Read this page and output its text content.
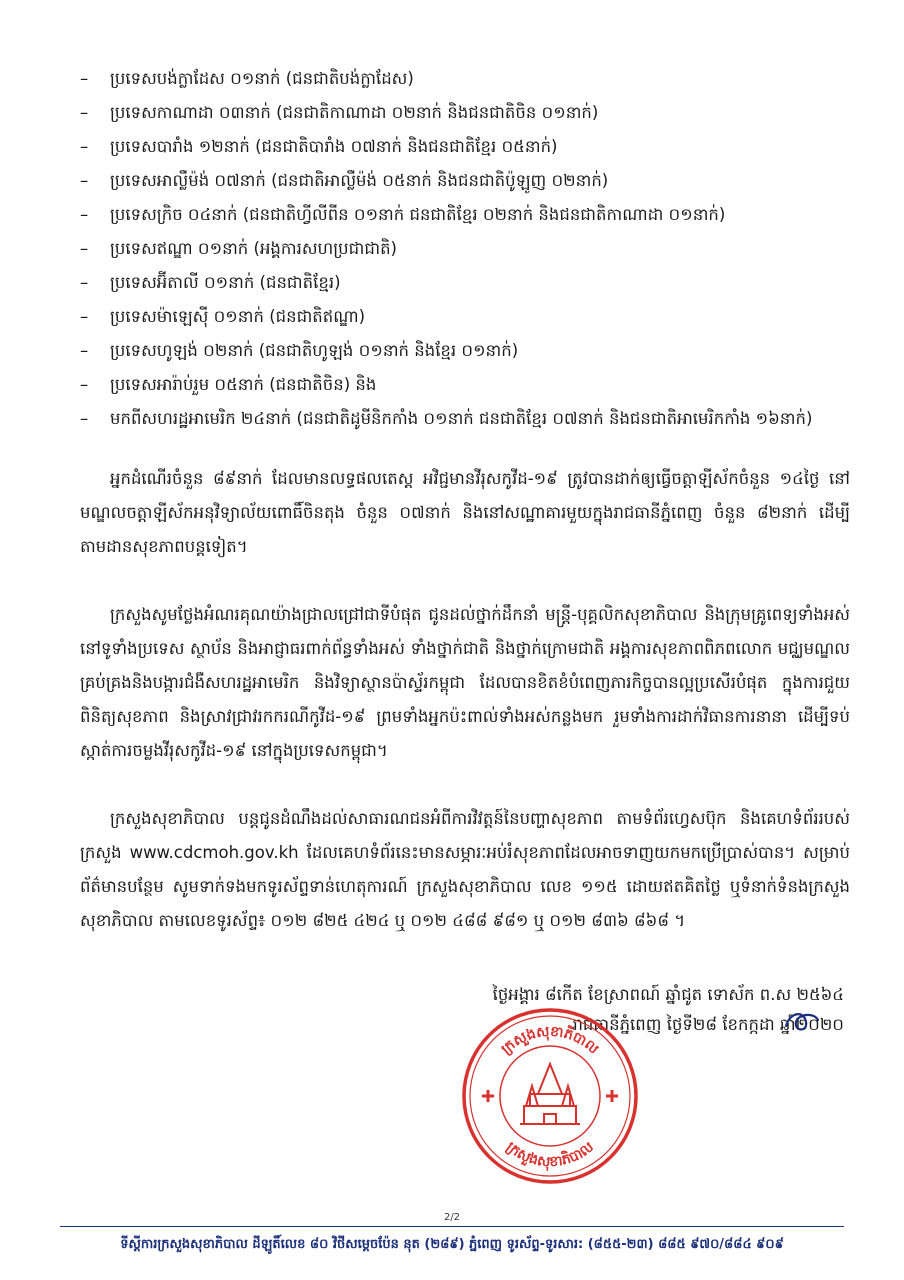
–	ប្រទេសបង់ក្លាដែស ០១នាក់ (ជនជាតិបង់ក្លាដែស)
–	ប្រទេសកាណាដា ០៣នាក់ (ជនជាតិកាណាដា ០២នាក់ និងជនជាតិចិន ០១នាក់)
–	ប្រទេសបារាំង ១២នាក់ (ជនជាតិបារាំង ០៧នាក់ និងជនជាតិខ្មែរ ០៥នាក់)
–	ប្រទេសអាល្លឺម៉ង់ ០៧នាក់ (ជនជាតិអាល្លឺម៉ង់ ០៥នាក់ និងជនជាតិប៉ូឡូញ ០២នាក់)
–	ប្រទេសក្រិច ០៤នាក់ (ជនជាតិហ្វីលីពីន ០១នាក់ ជនជាតិខ្មែរ ០២នាក់ និងជនជាតិកាណាដា ០១នាក់)
–	ប្រទេសឥណ្ឌា ០១នាក់ (អង្គការសហប្រជាជាតិ)
–	ប្រទេសអ៊ីតាលី ០១នាក់ (ជនជាតិខ្មែរ)
–	ប្រទេសម៉ាឡេស៊ី ០១នាក់ (ជនជាតិឥណ្ឌា)
–	ប្រទេសហូឡង់ ០២នាក់ (ជនជាតិហូឡង់ ០១នាក់ និងខ្មែរ ០១នាក់)
–	ប្រទេសអារ៉ាប់រួម ០៥នាក់ (ជនជាតិចិន) និង
–	មកពីសហរដ្ឋអាមេរិក ២៤នាក់ (ជនជាតិដូមីនិកកាំង ០១នាក់ ជនជាតិខ្មែរ ០៧នាក់ និងជនជាតិអាមេរិកកាំង ១៦នាក់)

អ្នកដំណើរចំនួន ៨៩នាក់ ដែលមានលទ្ធផលតេស្ត អវិជ្ជមានវីរុសកូវីដ-១៩ ត្រូវបានដាក់ឲ្យធ្វើចត្តាឡីស័កចំនួន ១៤ថ្ងៃ នៅមណ្ឌលចត្តាឡីស័កអនុវិទ្យាល័យពោធិ៍ចិនតុង ចំនួន ០៧នាក់ និងនៅសណ្ឋាគារមួយក្នុងរាជធានីភ្នំពេញ ចំនួន ៨២នាក់ ដើម្បីតាមដានសុខភាពបន្តទៀត។

ក្រសួងសូមថ្លែងអំណរគុណយ៉ាងជ្រាលជ្រៅជាទីបំផុត ជូនដល់ថ្នាក់ដឹកនាំ មន្ត្រី-បុគ្គលិកសុខាភិបាល និងក្រុមគ្រូពេទ្យទាំងអស់នៅទូទាំងប្រទេស ស្ថាប័ន និងអាជ្ញាធរពាក់ព័ន្ធទាំងអស់ ទាំងថ្នាក់ជាតិ និងថ្នាក់ក្រោមជាតិ អង្គការសុខភាពពិភពលោក មជ្ឈមណ្ឌលគ្រប់គ្រងនិងបង្ការជំងឺសហរដ្ឋអាមេរិក និងវិទ្យាស្ថានប៉ាស្ទ័រកម្ពុជា ដែលបានខិតខំបំពេញភារកិច្ចបានល្អប្រសើរបំផុត ក្នុងការជួយពិនិត្យសុខភាព និងស្រាវជ្រាវរកករណីកូវីដ-១៩ ព្រមទាំងអ្នកប៉ះពាល់ទាំងអស់កន្លងមក រួមទាំងការដាក់វិធានការនានា ដើម្បីទប់ស្កាត់ការចម្លងវីរុសកូវីដ-១៩ នៅក្នុងប្រទេសកម្ពុជា។

ក្រសួងសុខាភិបាល បន្តជូនដំណឹងដល់សាធារណជនអំពីការវិវត្តន៍នៃបញ្ហាសុខភាព តាមទំព័រហ្វេសប៊ុក និងគេហទំព័ររបស់ក្រសួង www.cdcmoh.gov.kh ដែលគេហទំព័រនេះមានសម្ភារៈអប់រំសុខភាពដែលអាចទាញយកមកប្រើប្រាស់បាន។ សម្រាប់ព័ត៌មានបន្ថែម សូមទាក់ទងមកទូរស័ព្ទទាន់ហេតុការណ៍ ក្រសួងសុខាភិបាល លេខ ១១៥ ដោយឥតគិតថ្លៃ ឬទំនាក់ទំនងក្រសួងសុខាភិបាល តាមលេខទូរស័ព្ទ៖ ០១២ ៨២៥ ៤២៤ ឬ ០១២ ៤៨៨ ៩៨១ ឬ ០១២ ៨៣៦ ៨៦៨ ។

ថ្ងៃអង្គារ ៨កើត ខែស្រាពណ៍ ឆ្នាំជូត ទោស័ក ព.ស ២៥៦៤
រាជធានីភ្នំពេញ ថ្ងៃទី២៨ ខែកក្កដា ឆ្នាំ២០២០
ក្រសួងសុខាភិបាល
ក្រសួងសុខាភិបាល
2/2
ទីស្តីការក្រសួងសុខាភិបាល ដីឡូតិ៍លេខ ៨០ វិថីសម្តេចប៉ែន នុត (២៨៩) ភ្នំពេញ ទូរស័ព្ទ-ទូរសារ: (៨៥៥-២៣) ៨៨៥ ៩៧០/៨៨៤ ៩០៩
